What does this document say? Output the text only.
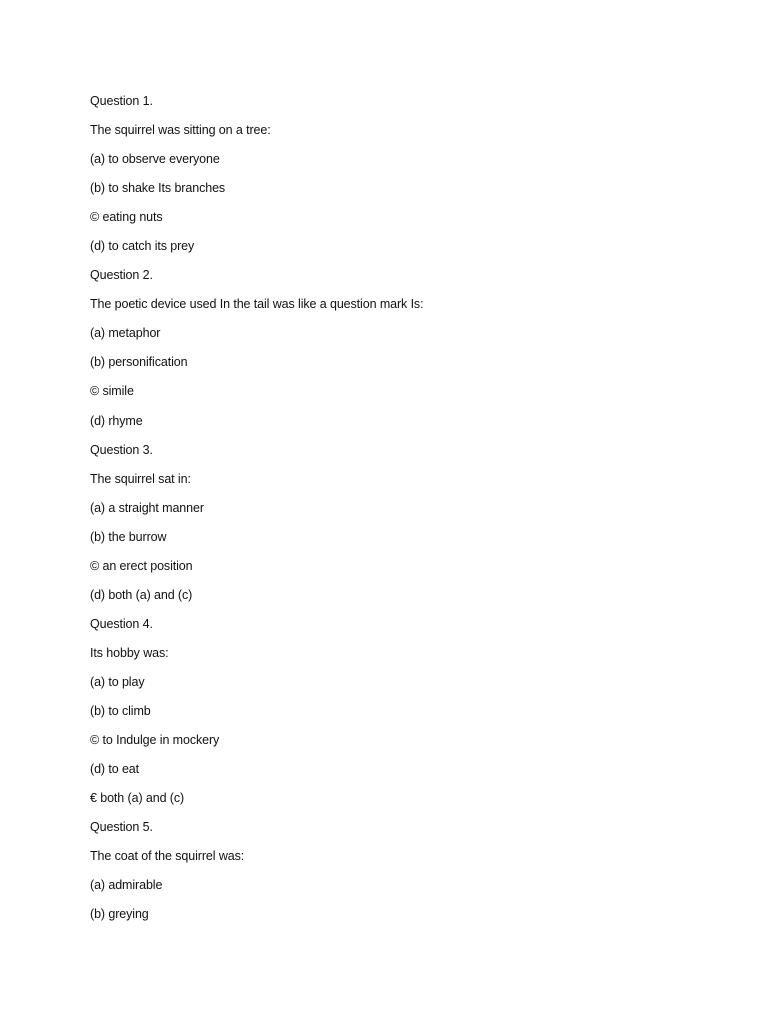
Question 1.
The squirrel was sitting on a tree:
(a) to observe everyone
(b) to shake Its branches
© eating nuts
(d) to catch its prey
Question 2.
The poetic device used In the tail was like a question mark Is:
(a) metaphor
(b) personification
© simile
(d) rhyme
Question 3.
The squirrel sat in:
(a) a straight manner
(b) the burrow
© an erect position
(d) both (a) and (c)
Question 4.
Its hobby was:
(a) to play
(b) to climb
© to Indulge in mockery
(d) to eat
€ both (a) and (c)
Question 5.
The coat of the squirrel was:
(a) admirable
(b) greying
